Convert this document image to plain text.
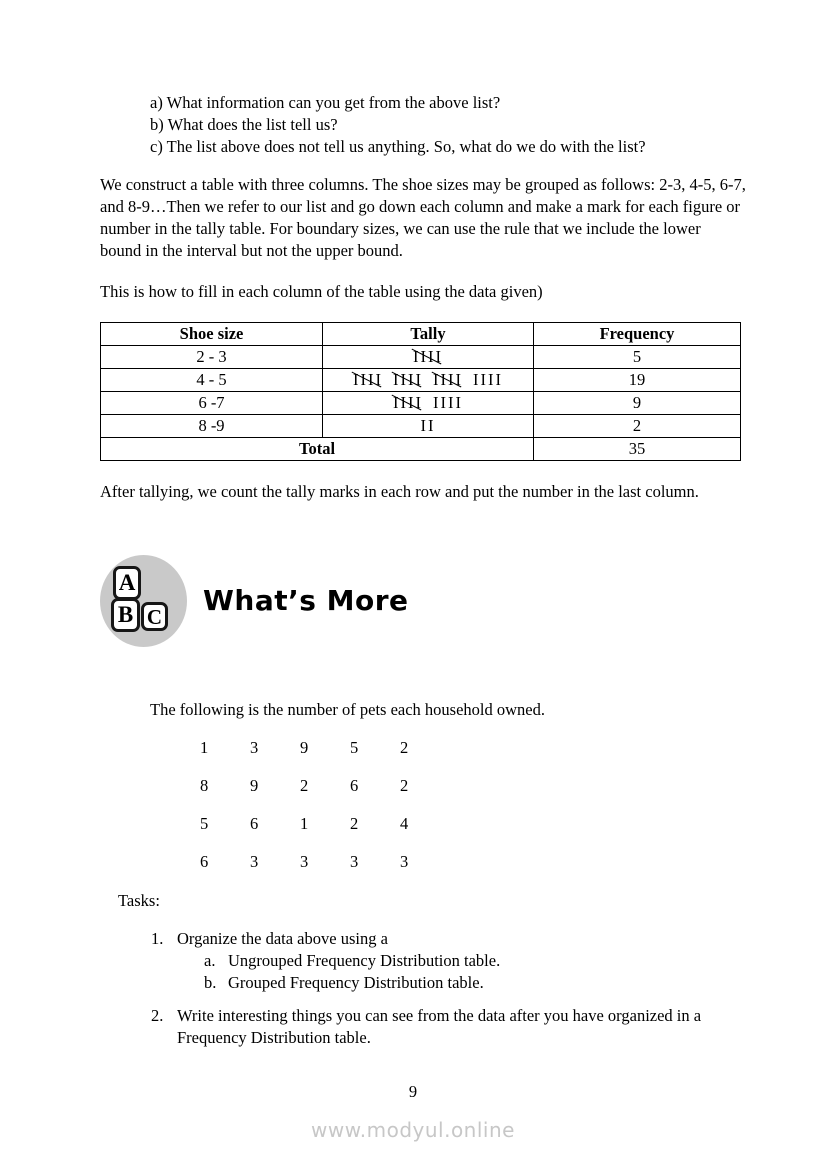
a) What information can you get from the above list?
b) What does the list tell us?
c) The list above does not tell us anything. So, what do we do with the list?

We construct a table with three columns. The shoe sizes may be grouped as follows: 2-3, 4-5, 6-7, and 8-9…Then we refer to our list and go down each column and make a mark for each figure or number in the tally table. For boundary sizes, we can use the rule that we include the lower bound in the interval but not the upper bound.

This is how to fill in each column of the table using the data given)

Shoe size	Tally	Frequency
2 - 3	IIII	5
4 - 5	IIII IIII IIII IIII	19
6 -7	IIII IIII	9
8 -9	II	2
Total		35

After tallying, we count the tally marks in each row and put the number in the last column.

A
B C What’s More

The following is the number of pets each household owned.

1	3	9	5	2
8	9	2	6	2
5	6	1	2	4
6	3	3	3	3

Tasks:

1. Organize the data above using a
a. Ungrouped Frequency Distribution table.
b. Grouped Frequency Distribution table.
2. Write interesting things you can see from the data after you have organized in a Frequency Distribution table.
9
www.modyul.online
